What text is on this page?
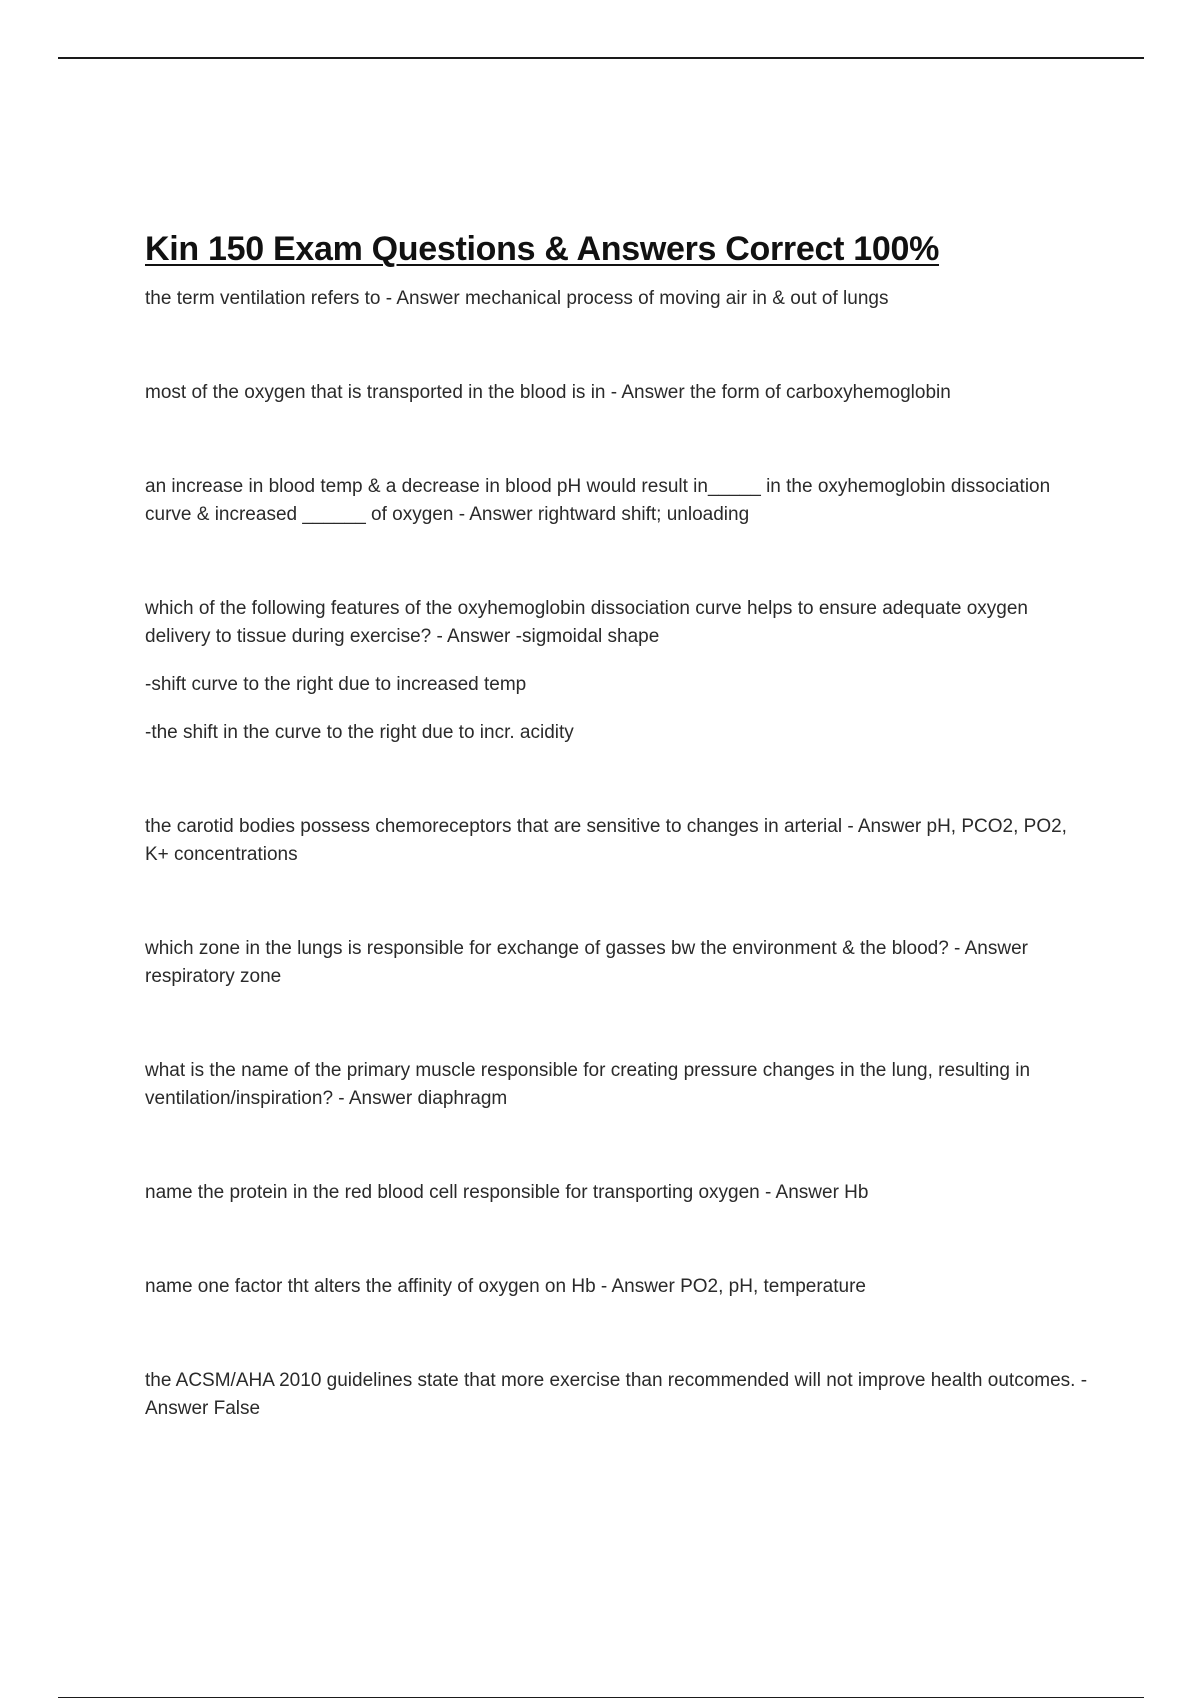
Kin 150 Exam Questions & Answers Correct 100%

the term ventilation refers to - Answer mechanical process of moving air in & out of lungs

most of the oxygen that is transported in the blood is in - Answer the form of carboxyhemoglobin

an increase in blood temp & a decrease in blood pH would result in_____ in the oxyhemoglobin dissociation curve & increased ______ of oxygen - Answer rightward shift; unloading

which of the following features of the oxyhemoglobin dissociation curve helps to ensure adequate oxygen delivery to tissue during exercise? - Answer -sigmoidal shape

-shift curve to the right due to increased temp

-the shift in the curve to the right due to incr. acidity

the carotid bodies possess chemoreceptors that are sensitive to changes in arterial - Answer pH, PCO2, PO2, K+ concentrations

which zone in the lungs is responsible for exchange of gasses bw the environment & the blood? - Answer respiratory zone

what is the name of the primary muscle responsible for creating pressure changes in the lung, resulting in ventilation/inspiration? - Answer diaphragm

name the protein in the red blood cell responsible for transporting oxygen - Answer Hb

name one factor tht alters the affinity of oxygen on Hb - Answer PO2, pH, temperature

the ACSM/AHA 2010 guidelines state that more exercise than recommended will not improve health outcomes. - Answer False
